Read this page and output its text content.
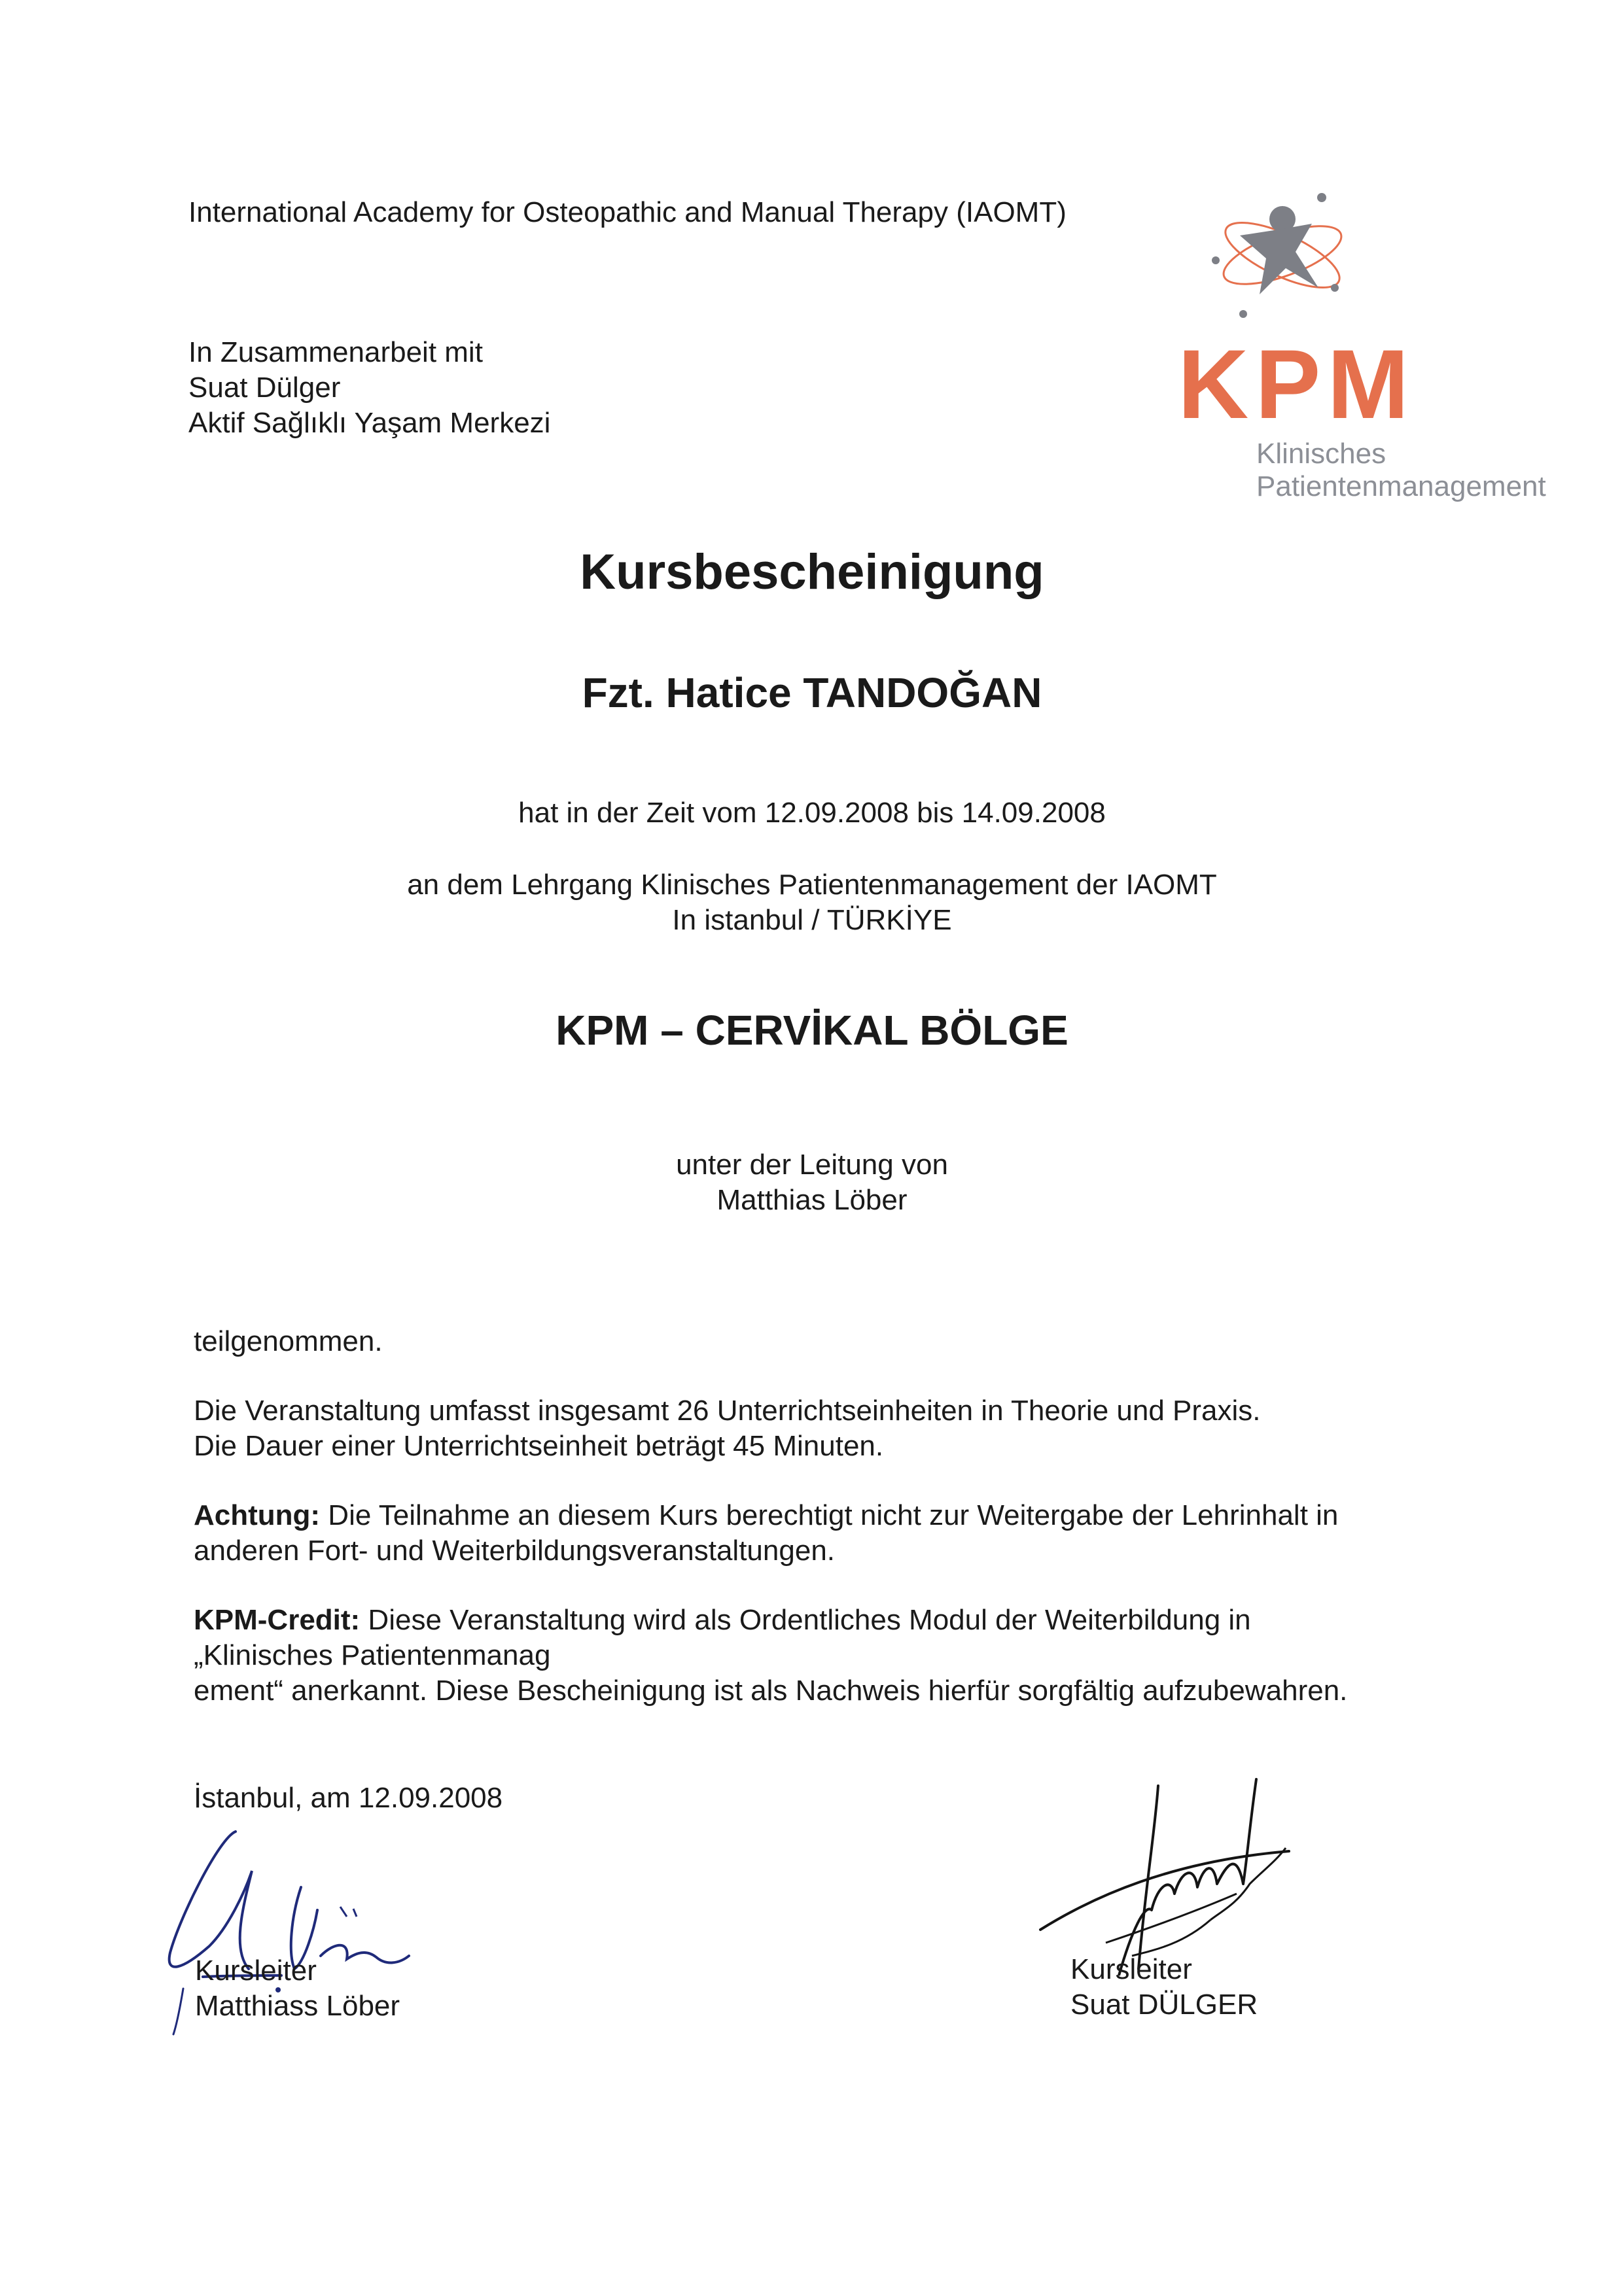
International Academy for Osteopathic and Manual Therapy (IAOMT)
In Zusammenarbeit mit
Suat Dülger
Aktif Sağlıklı Yaşam Merkezi	KPM
Klinisches
Patientenmanagement
Kursbescheinigung
Fzt. Hatice TANDOĞAN
hat in der Zeit vom 12.09.2008 bis 14.09.2008
an dem Lehrgang Klinisches Patientenmanagement der IAOMT
In istanbul / TÜRKİYE
KPM – CERVİKAL BÖLGE
unter der Leitung von
Matthias Löber
teilgenommen.
Die Veranstaltung umfasst insgesamt 26 Unterrichtseinheiten in Theorie und Praxis.
Die Dauer einer Unterrichtseinheit beträgt 45 Minuten.
Achtung: Die Teilnahme an diesem Kurs berechtigt nicht zur Weitergabe der Lehrinhalt in
anderen Fort- und Weiterbildungsveranstaltungen.
KPM-Credit: Diese Veranstaltung wird als Ordentliches Modul der Weiterbildung in
„Klinisches Patientenmanag
ement“ anerkannt. Diese Bescheinigung ist als Nachweis hierfür sorgfältig aufzubewahren.
İstanbul, am 12.09.2008
Kursleiter
Matthiass Löber
Kursleiter
Suat DÜLGER
